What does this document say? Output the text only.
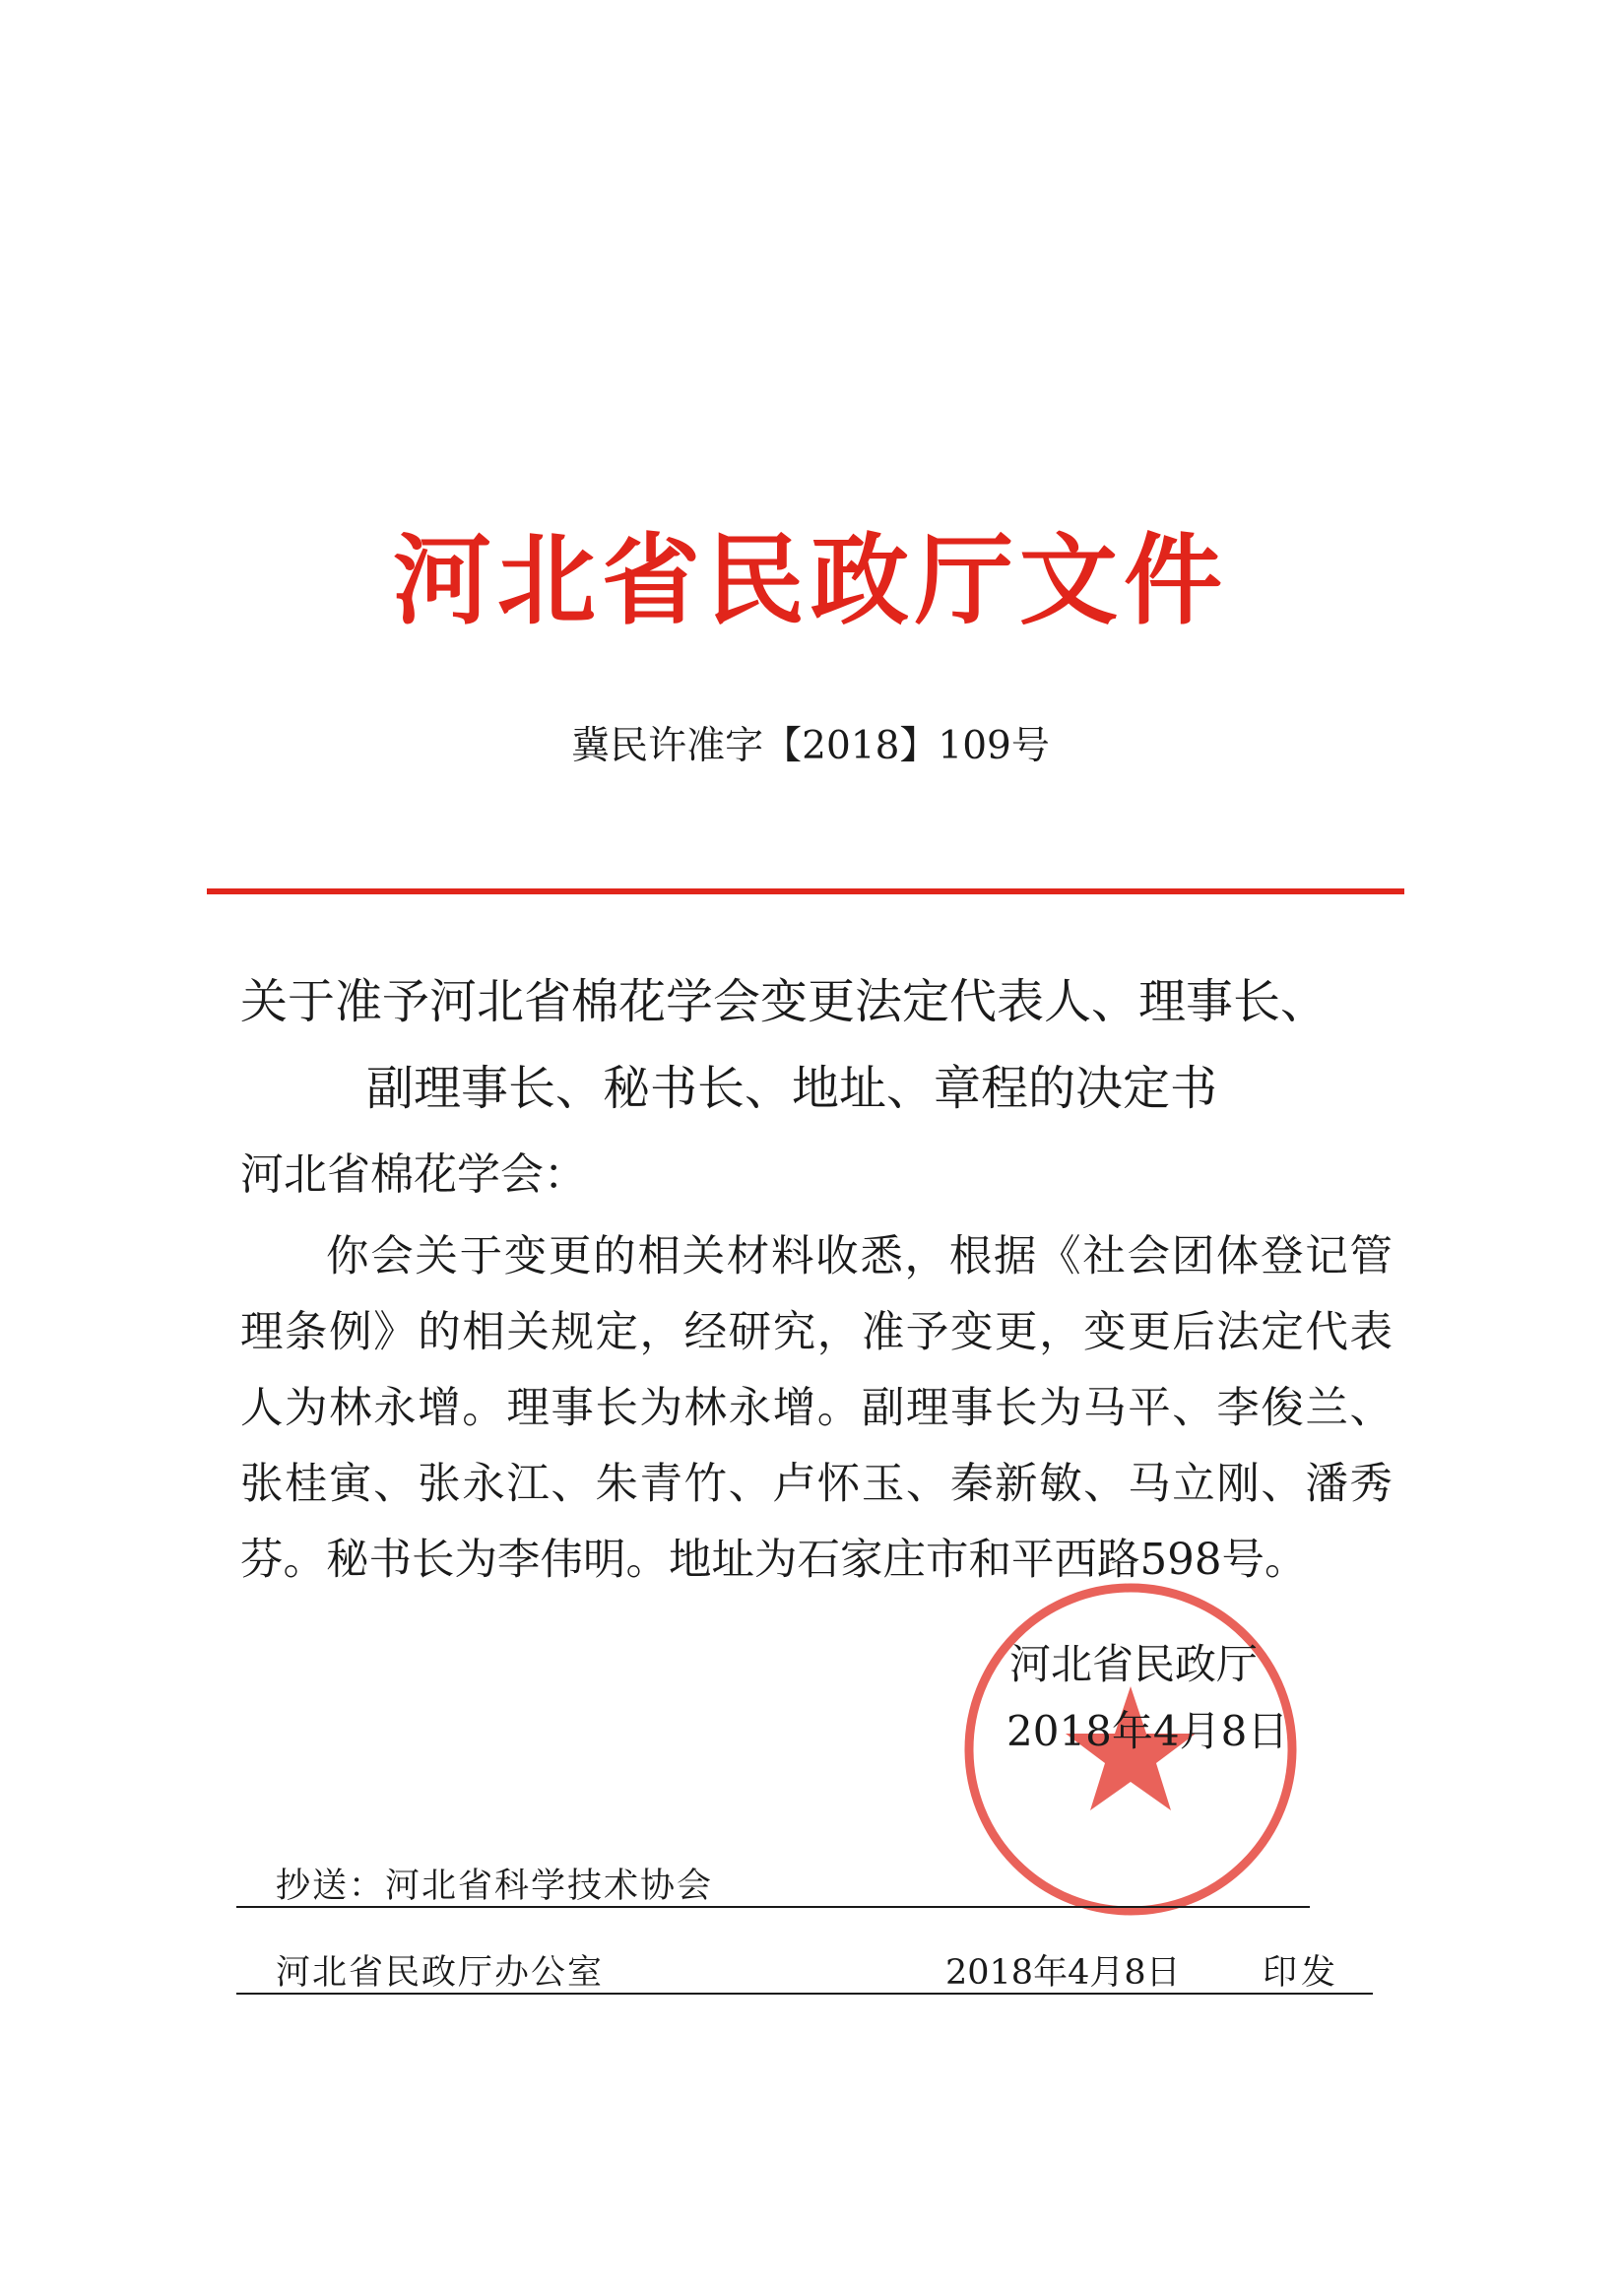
河北省民政厅文件
冀民许准字【2018】109号
关于准予河北省棉花学会变更法定代表人、理事长、
副理事长、秘书长、地址、章程的决定书
河北省棉花学会：

你会关于变更的相关材料收悉，根据《社会团体登记管理条例》的相关规定，经研究，准予变更，变更后法定代表人为林永增。理事长为林永增。副理事长为马平、李俊兰、张桂寅、张永江、朱青竹、卢怀玉、秦新敏、马立刚、潘秀芬。秘书长为李伟明。地址为石家庄市和平西路598号。

河北省民政厅
2018年4月8日
抄送：河北省科学技术协会
河北省民政厅办公室	2018年4月8日 印发
